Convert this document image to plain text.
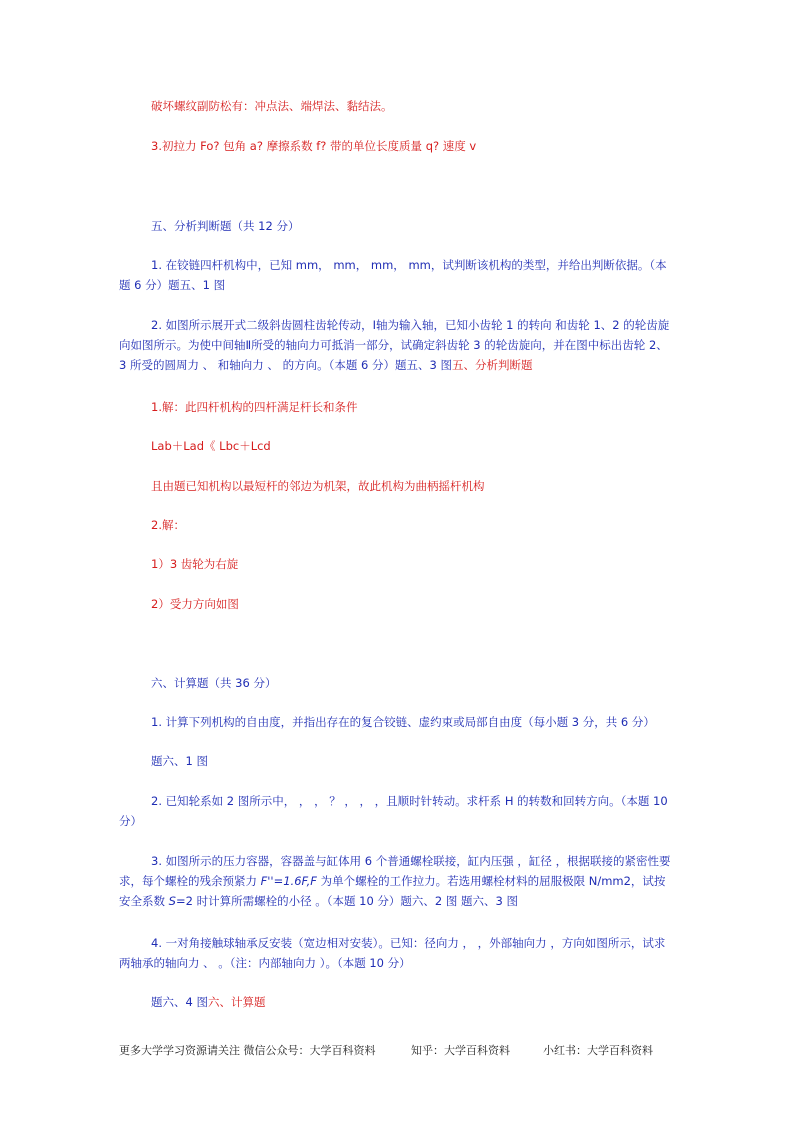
破坏螺纹副防松有：冲点法、端焊法、黏结法。
3.初拉力 Fo? 包角 a? 摩擦系数 f? 带的单位长度质量 q? 速度 v
五、分析判断题（共 12 分）
1. 在铰链四杆机构中，已知 mm， mm， mm， mm，试判断该机构的类型，并给出判断依据。（本题 6 分）题五、1 图
2. 如图所示展开式二级斜齿圆柱齿轮传动，Ⅰ轴为输入轴，已知小齿轮 1 的转向 和齿轮 1、2 的轮齿旋向如图所示。为使中间轴Ⅱ所受的轴向力可抵消一部分，试确定斜齿轮 3 的轮齿旋向，并在图中标出齿轮 2、3 所受的圆周力 、 和轴向力 、 的方向。（本题 6 分）题五、3 图五、分析判断题
1.解：此四杆机构的四杆满足杆长和条件
Lab＋Lad《 Lbc＋Lcd
且由题已知机构以最短杆的邻边为机架，故此机构为曲柄摇杆机构
2.解：
1）3 齿轮为右旋
2）受力方向如图
六、计算题（共 36 分）
1. 计算下列机构的自由度，并指出存在的复合铰链、虚约束或局部自由度（每小题 3 分，共 6 分）
题六、1 图
2. 已知轮系如 2 图所示中， ， ， ？ ， ， ，且顺时针转动。求杆系 H 的转数和回转方向。（本题 10 分）
3. 如图所示的压力容器，容器盖与缸体用 6 个普通螺栓联接，缸内压强 ，缸径 ，根据联接的紧密性要求，每个螺栓的残余预紧力 F''=1.6F,F 为单个螺栓的工作拉力。若选用螺栓材料的屈服极限 N/mm2，试按安全系数 S=2 时计算所需螺栓的小径 。（本题 10 分）题六、2 图 题六、3 图
4. 一对角接触球轴承反安装（宽边相对安装）。已知：径向力 ， ，外部轴向力 ，方向如图所示，试求两轴承的轴向力 、 。（注：内部轴向力 ）。（本题 10 分）
题六、4 图六、计算题
更多大学学习资源请关注 微信公众号：大学百科资料	知乎：大学百科资料	小红书：大学百科资料
